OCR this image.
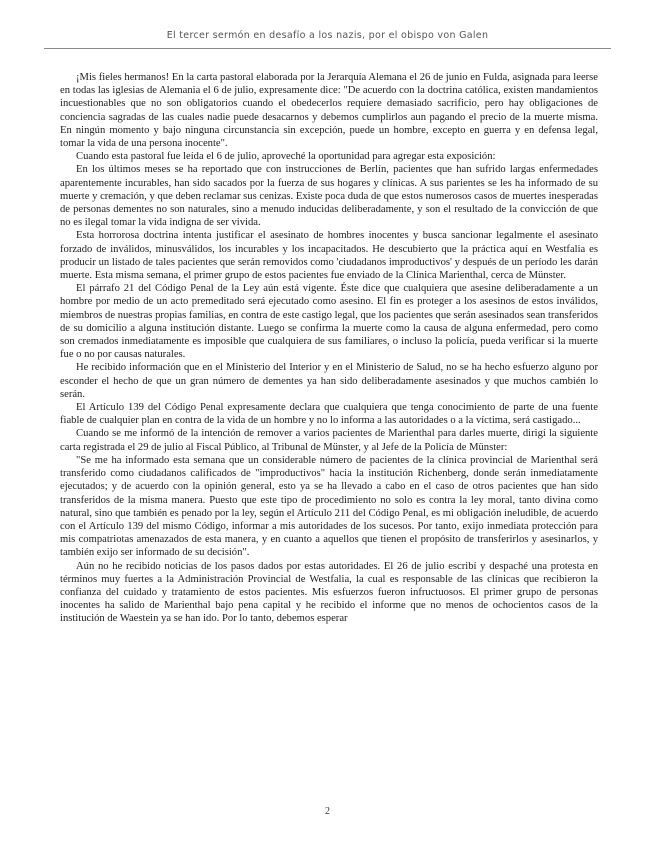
El tercer sermón en desafío a los nazis, por el obispo von Galen

¡Mis fieles hermanos! En la carta pastoral elaborada por la Jerarquía Alemana el 26 de junio en Fulda, asignada para leerse en todas las iglesias de Alemania el 6 de julio, expresamente dice: "De acuerdo con la doctrina católica, existen mandamientos incuestionables que no son obligatorios cuando el obedecerlos requiere demasiado sacrificio, pero hay obligaciones de conciencia sagradas de las cuales nadie puede desacarnos y debemos cumplirlos aun pagando el precio de la muerte misma. En ningún momento y bajo ninguna circunstancia sin excepción, puede un hombre, excepto en guerra y en defensa legal, tomar la vida de una persona inocente".

Cuando esta pastoral fue leída el 6 de julio, aproveché la oportunidad para agregar esta exposición:

En los últimos meses se ha reportado que con instrucciones de Berlín, pacientes que han sufrido largas enfermedades aparentemente incurables, han sido sacados por la fuerza de sus hogares y clínicas. A sus parientes se les ha informado de su muerte y cremación, y que deben reclamar sus cenizas. Existe poca duda de que estos numerosos casos de muertes inesperadas de personas dementes no son naturales, sino a menudo inducidas deliberadamente, y son el resultado de la convicción de que no es ilegal tomar la vida indigna de ser vivida.

Esta horrorosa doctrina intenta justificar el asesinato de hombres inocentes y busca sancionar legalmente el asesinato forzado de inválidos, minusválidos, los incurables y los incapacitados. He descubierto que la práctica aquí en Westfalia es producir un listado de tales pacientes que serán removidos como 'ciudadanos improductivos' y después de un período les darán muerte. Esta misma semana, el primer grupo de estos pacientes fue enviado de la Clínica Marienthal, cerca de Münster.

El párrafo 21 del Código Penal de la Ley aún está vigente. Éste dice que cualquiera que asesine deliberadamente a un hombre por medio de un acto premeditado será ejecutado como asesino. El fin es proteger a los asesinos de estos inválidos, miembros de nuestras propias familias, en contra de este castigo legal, que los pacientes que serán asesinados sean transferidos de su domicilio a alguna institución distante. Luego se confirma la muerte como la causa de alguna enfermedad, pero como son cremados inmediatamente es imposible que cualquiera de sus familiares, o incluso la policía, pueda verificar si la muerte fue o no por causas naturales.

He recibido información que en el Ministerio del Interior y en el Ministerio de Salud, no se ha hecho esfuerzo alguno por esconder el hecho de que un gran número de dementes ya han sido deliberadamente asesinados y que muchos cambién lo serán.

El Artículo 139 del Código Penal expresamente declara que cualquiera que tenga conocimiento de parte de una fuente fiable de cualquier plan en contra de la vida de un hombre y no lo informa a las autoridades o a la víctima, será castigado...

Cuando se me informó de la intención de remover a varios pacientes de Marienthal para darles muerte, dirigí la siguiente carta registrada el 29 de julio al Fiscal Público, al Tribunal de Münster, y al Jefe de la Policía de Münster:

"Se me ha informado esta semana que un considerable número de pacientes de la clínica provincial de Marienthal será transferido como ciudadanos calificados de "improductivos" hacia la institución Richenberg, donde serán inmediatamente ejecutados; y de acuerdo con la opinión general, esto ya se ha llevado a cabo en el caso de otros pacientes que han sido transferidos de la misma manera. Puesto que este tipo de procedimiento no solo es contra la ley moral, tanto divina como natural, sino que también es penado por la ley, según el Artículo 211 del Código Penal, es mi obligación ineludible, de acuerdo con el Artículo 139 del mismo Código, informar a mis autoridades de los sucesos. Por tanto, exijo inmediata protección para mis compatriotas amenazados de esta manera, y en cuanto a aquellos que tienen el propósito de transferirlos y asesinarlos, y también exijo ser informado de su decisión".

Aún no he recibido noticias de los pasos dados por estas autoridades. El 26 de julio escribí y despaché una protesta en términos muy fuertes a la Administración Provincial de Westfalia, la cual es responsable de las clínicas que recibieron la confianza del cuidado y tratamiento de estos pacientes. Mis esfuerzos fueron infructuosos. El primer grupo de personas inocentes ha salido de Marienthal bajo pena capital y he recibido el informe que no menos de ochocientos casos de la institución de Waestein ya se han ido. Por lo tanto, debemos esperar

2
